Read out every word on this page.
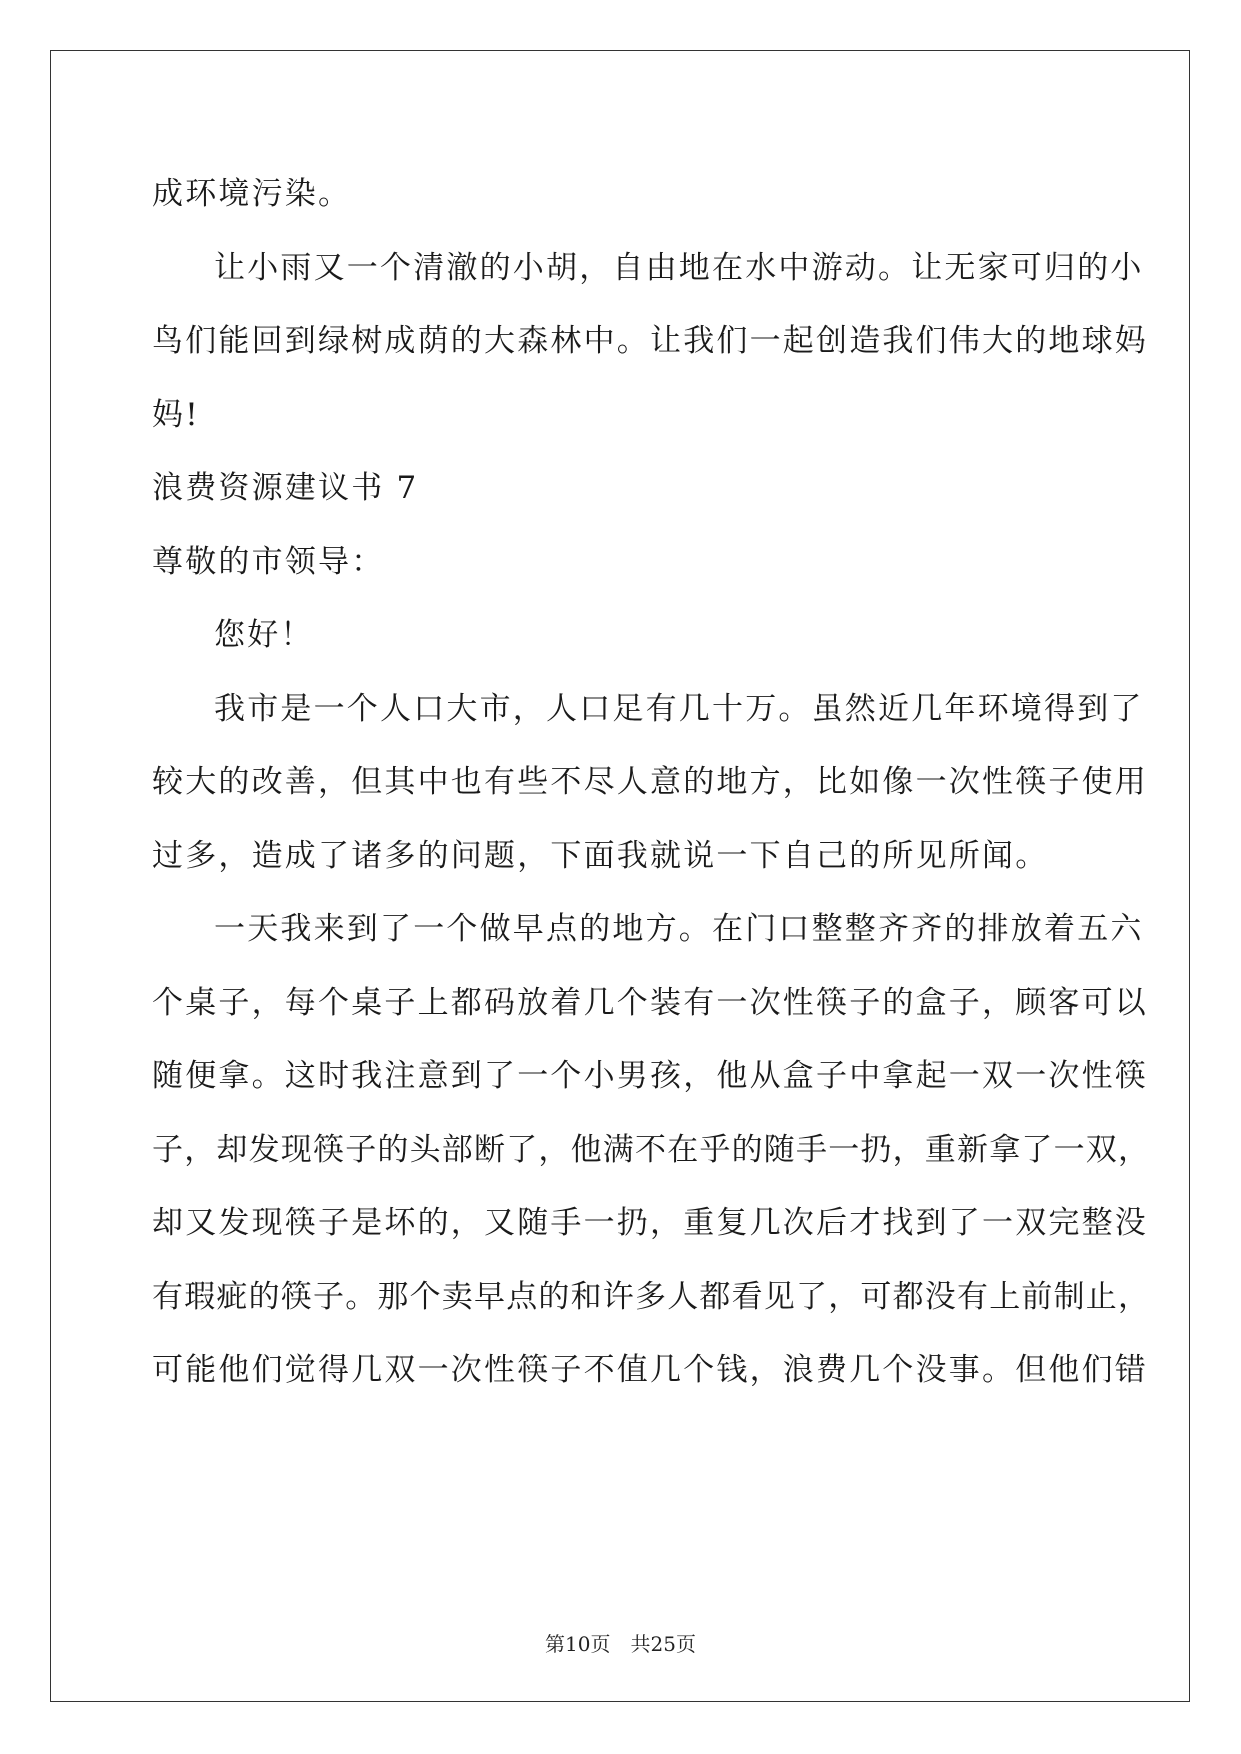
成环境污染。
让小雨又一个清澈的小胡，自由地在水中游动。让无家可归的小
鸟们能回到绿树成荫的大森林中。让我们一起创造我们伟大的地球妈
妈!
浪费资源建议书 7
尊敬的市领导：
您好！
我市是一个人口大市，人口足有几十万。虽然近几年环境得到了
较大的改善，但其中也有些不尽人意的地方，比如像一次性筷子使用
过多，造成了诸多的问题，下面我就说一下自己的所见所闻。
一天我来到了一个做早点的地方。在门口整整齐齐的排放着五六
个桌子，每个桌子上都码放着几个装有一次性筷子的盒子，顾客可以
随便拿。这时我注意到了一个小男孩，他从盒子中拿起一双一次性筷
子，却发现筷子的头部断了，他满不在乎的随手一扔，重新拿了一双，
却又发现筷子是坏的，又随手一扔，重复几次后才找到了一双完整没
有瑕疵的筷子。那个卖早点的和许多人都看见了，可都没有上前制止，
可能他们觉得几双一次性筷子不值几个钱，浪费几个没事。但他们错
第10页 共25页
